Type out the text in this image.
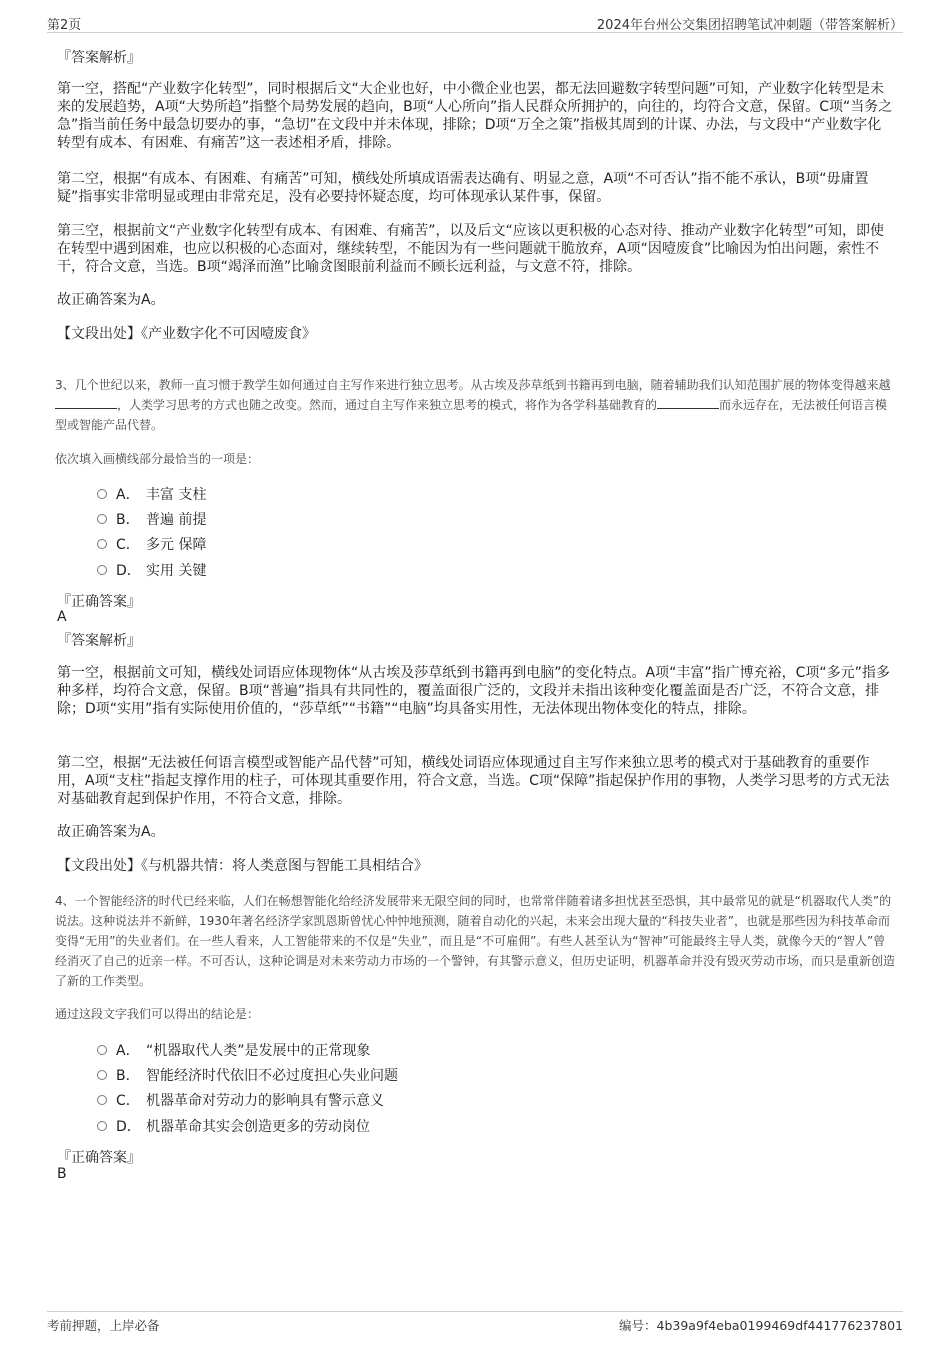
第2页	2024年台州公交集团招聘笔试冲刺题（带答案解析）
『答案解析』
第一空，搭配“产业数字化转型”，同时根据后文“大企业也好，中小微企业也罢，都无法回避数字转型问题”可知，产业数字化转型是未来的发展趋势，A项“大势所趋”指整个局势发展的趋向，B项“人心所向”指人民群众所拥护的，向往的，均符合文意，保留。C项“当务之急”指当前任务中最急切要办的事，“急切”在文段中并未体现，排除；D项“万全之策”指极其周到的计谋、办法，与文段中“产业数字化转型有成本、有困难、有痛苦”这一表述相矛盾，排除。
第二空，根据“有成本、有困难、有痛苦”可知，横线处所填成语需表达确有、明显之意，A项“不可否认”指不能不承认，B项“毋庸置疑”指事实非常明显或理由非常充足，没有必要持怀疑态度，均可体现承认某件事，保留。
第三空，根据前文“产业数字化转型有成本、有困难、有痛苦”，以及后文“应该以更积极的心态对待、推动产业数字化转型”可知，即使在转型中遇到困难，也应以积极的心态面对，继续转型，不能因为有一些问题就干脆放弃，A项“因噎废食”比喻因为怕出问题，索性不干，符合文意，当选。B项“竭泽而渔”比喻贪图眼前利益而不顾长远利益，与文意不符，排除。
故正确答案为A。
【文段出处】《产业数字化不可因噎废食》
3、几个世纪以来，教师一直习惯于教学生如何通过自主写作来进行独立思考。从古埃及莎草纸到书籍再到电脑，随着辅助我们认知范围扩展的物体变得越来越，人类学习思考的方式也随之改变。然而，通过自主写作来独立思考的模式，将作为各学科基础教育的	而永远存在，无法被任何语言模型或智能产品代替。
依次填入画横线部分最恰当的一项是：
A． 丰富 支柱
B． 普遍 前提
C． 多元 保障
D． 实用 关键
『正确答案』
A
『答案解析』
第一空，根据前文可知，横线处词语应体现物体“从古埃及莎草纸到书籍再到电脑”的变化特点。A项“丰富”指广博充裕，C项“多元”指多种多样，均符合文意，保留。B项“普遍”指具有共同性的，覆盖面很广泛的，文段并未指出该种变化覆盖面是否广泛，不符合文意，排除；D项“实用”指有实际使用价值的，“莎草纸”“书籍”“电脑”均具备实用性，无法体现出物体变化的特点，排除。
第二空，根据“无法被任何语言模型或智能产品代替”可知，横线处词语应体现通过自主写作来独立思考的模式对于基础教育的重要作用，A项“支柱”指起支撑作用的柱子，可体现其重要作用，符合文意，当选。C项“保障”指起保护作用的事物，人类学习思考的方式无法对基础教育起到保护作用，不符合文意，排除。
故正确答案为A。
【文段出处】《与机器共情：将人类意图与智能工具相结合》
4、一个智能经济的时代已经来临，人们在畅想智能化给经济发展带来无限空间的同时，也常常伴随着诸多担忧甚至恐惧，其中最常见的就是“机器取代人类”的说法。这种说法并不新鲜，1930年著名经济学家凯恩斯曾忧心忡忡地预测，随着自动化的兴起，未来会出现大量的“科技失业者”，也就是那些因为科技革命而变得“无用”的失业者们。在一些人看来，人工智能带来的不仅是“失业”，而且是“不可雇佣”。有些人甚至认为“智神”可能最终主导人类，就像今天的“智人”曾经消灭了自己的近亲一样。不可否认，这种论调是对未来劳动力市场的一个警钟，有其警示意义，但历史证明，机器革命并没有毁灭劳动市场，而只是重新创造了新的工作类型。
通过这段文字我们可以得出的结论是：
A． “机器取代人类”是发展中的正常现象
B． 智能经济时代依旧不必过度担心失业问题
C． 机器革命对劳动力的影响具有警示意义
D． 机器革命其实会创造更多的劳动岗位
『正确答案』
B
考前押题，上岸必备	编号：4b39a9f4eba0199469df441776237801
